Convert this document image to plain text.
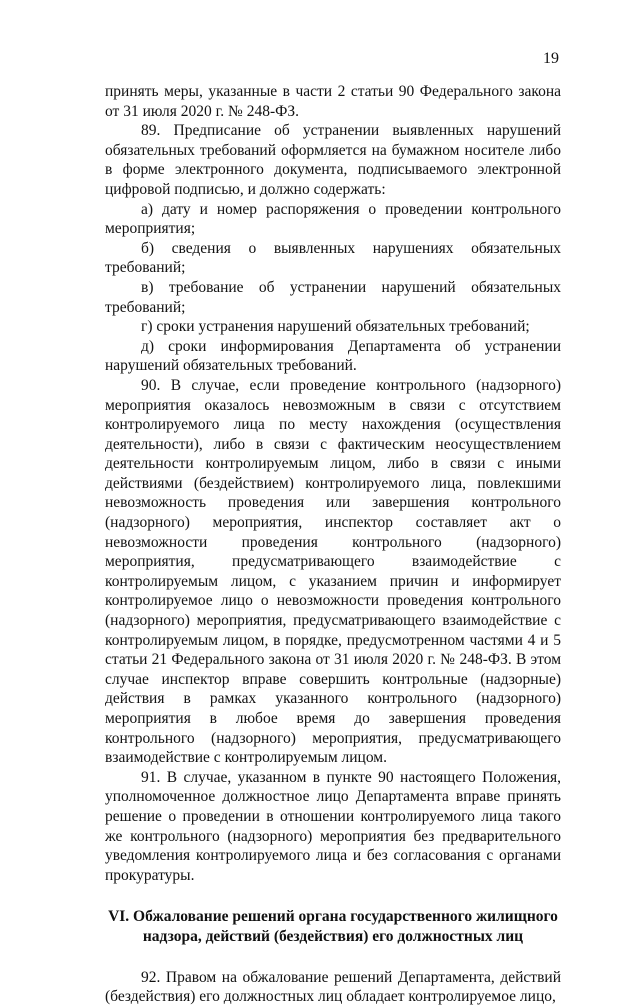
19

принять меры, указанные в части 2 статьи 90 Федерального закона от 31 июля 2020 г. № 248-ФЗ.

89. Предписание об устранении выявленных нарушений обязательных требований оформляется на бумажном носителе либо в форме электронного документа, подписываемого электронной цифровой подписью, и должно содержать:

а) дату и номер распоряжения о проведении контрольного мероприятия;

б) сведения о выявленных нарушениях обязательных требований;

в) требование об устранении нарушений обязательных требований;

г) сроки устранения нарушений обязательных требований;

д) сроки информирования Департамента об устранении нарушений обязательных требований.

90. В случае, если проведение контрольного (надзорного) мероприятия оказалось невозможным в связи с отсутствием контролируемого лица по месту нахождения (осуществления деятельности), либо в связи с фактическим неосуществлением деятельности контролируемым лицом, либо в связи с иными действиями (бездействием) контролируемого лица, повлекшими невозможность проведения или завершения контрольного (надзорного) мероприятия, инспектор составляет акт о невозможности проведения контрольного (надзорного) мероприятия, предусматривающего взаимодействие с контролируемым лицом, с указанием причин и информирует контролируемое лицо о невозможности проведения контрольного (надзорного) мероприятия, предусматривающего взаимодействие с контролируемым лицом, в порядке, предусмотренном частями 4 и 5 статьи 21 Федерального закона от 31 июля 2020 г. № 248-ФЗ. В этом случае инспектор вправе совершить контрольные (надзорные) действия в рамках указанного контрольного (надзорного) мероприятия в любое время до завершения проведения контрольного (надзорного) мероприятия, предусматривающего взаимодействие с контролируемым лицом.

91. В случае, указанном в пункте 90 настоящего Положения, уполномоченное должностное лицо Департамента вправе принять решение о проведении в отношении контролируемого лица такого же контрольного (надзорного) мероприятия без предварительного уведомления контролируемого лица и без согласования с органами прокуратуры.

VI. Обжалование решений органа государственного жилищного
надзора, действий (бездействия) его должностных лиц

92. Правом на обжалование решений Департамента, действий (бездействия) его должностных лиц обладает контролируемое лицо,
